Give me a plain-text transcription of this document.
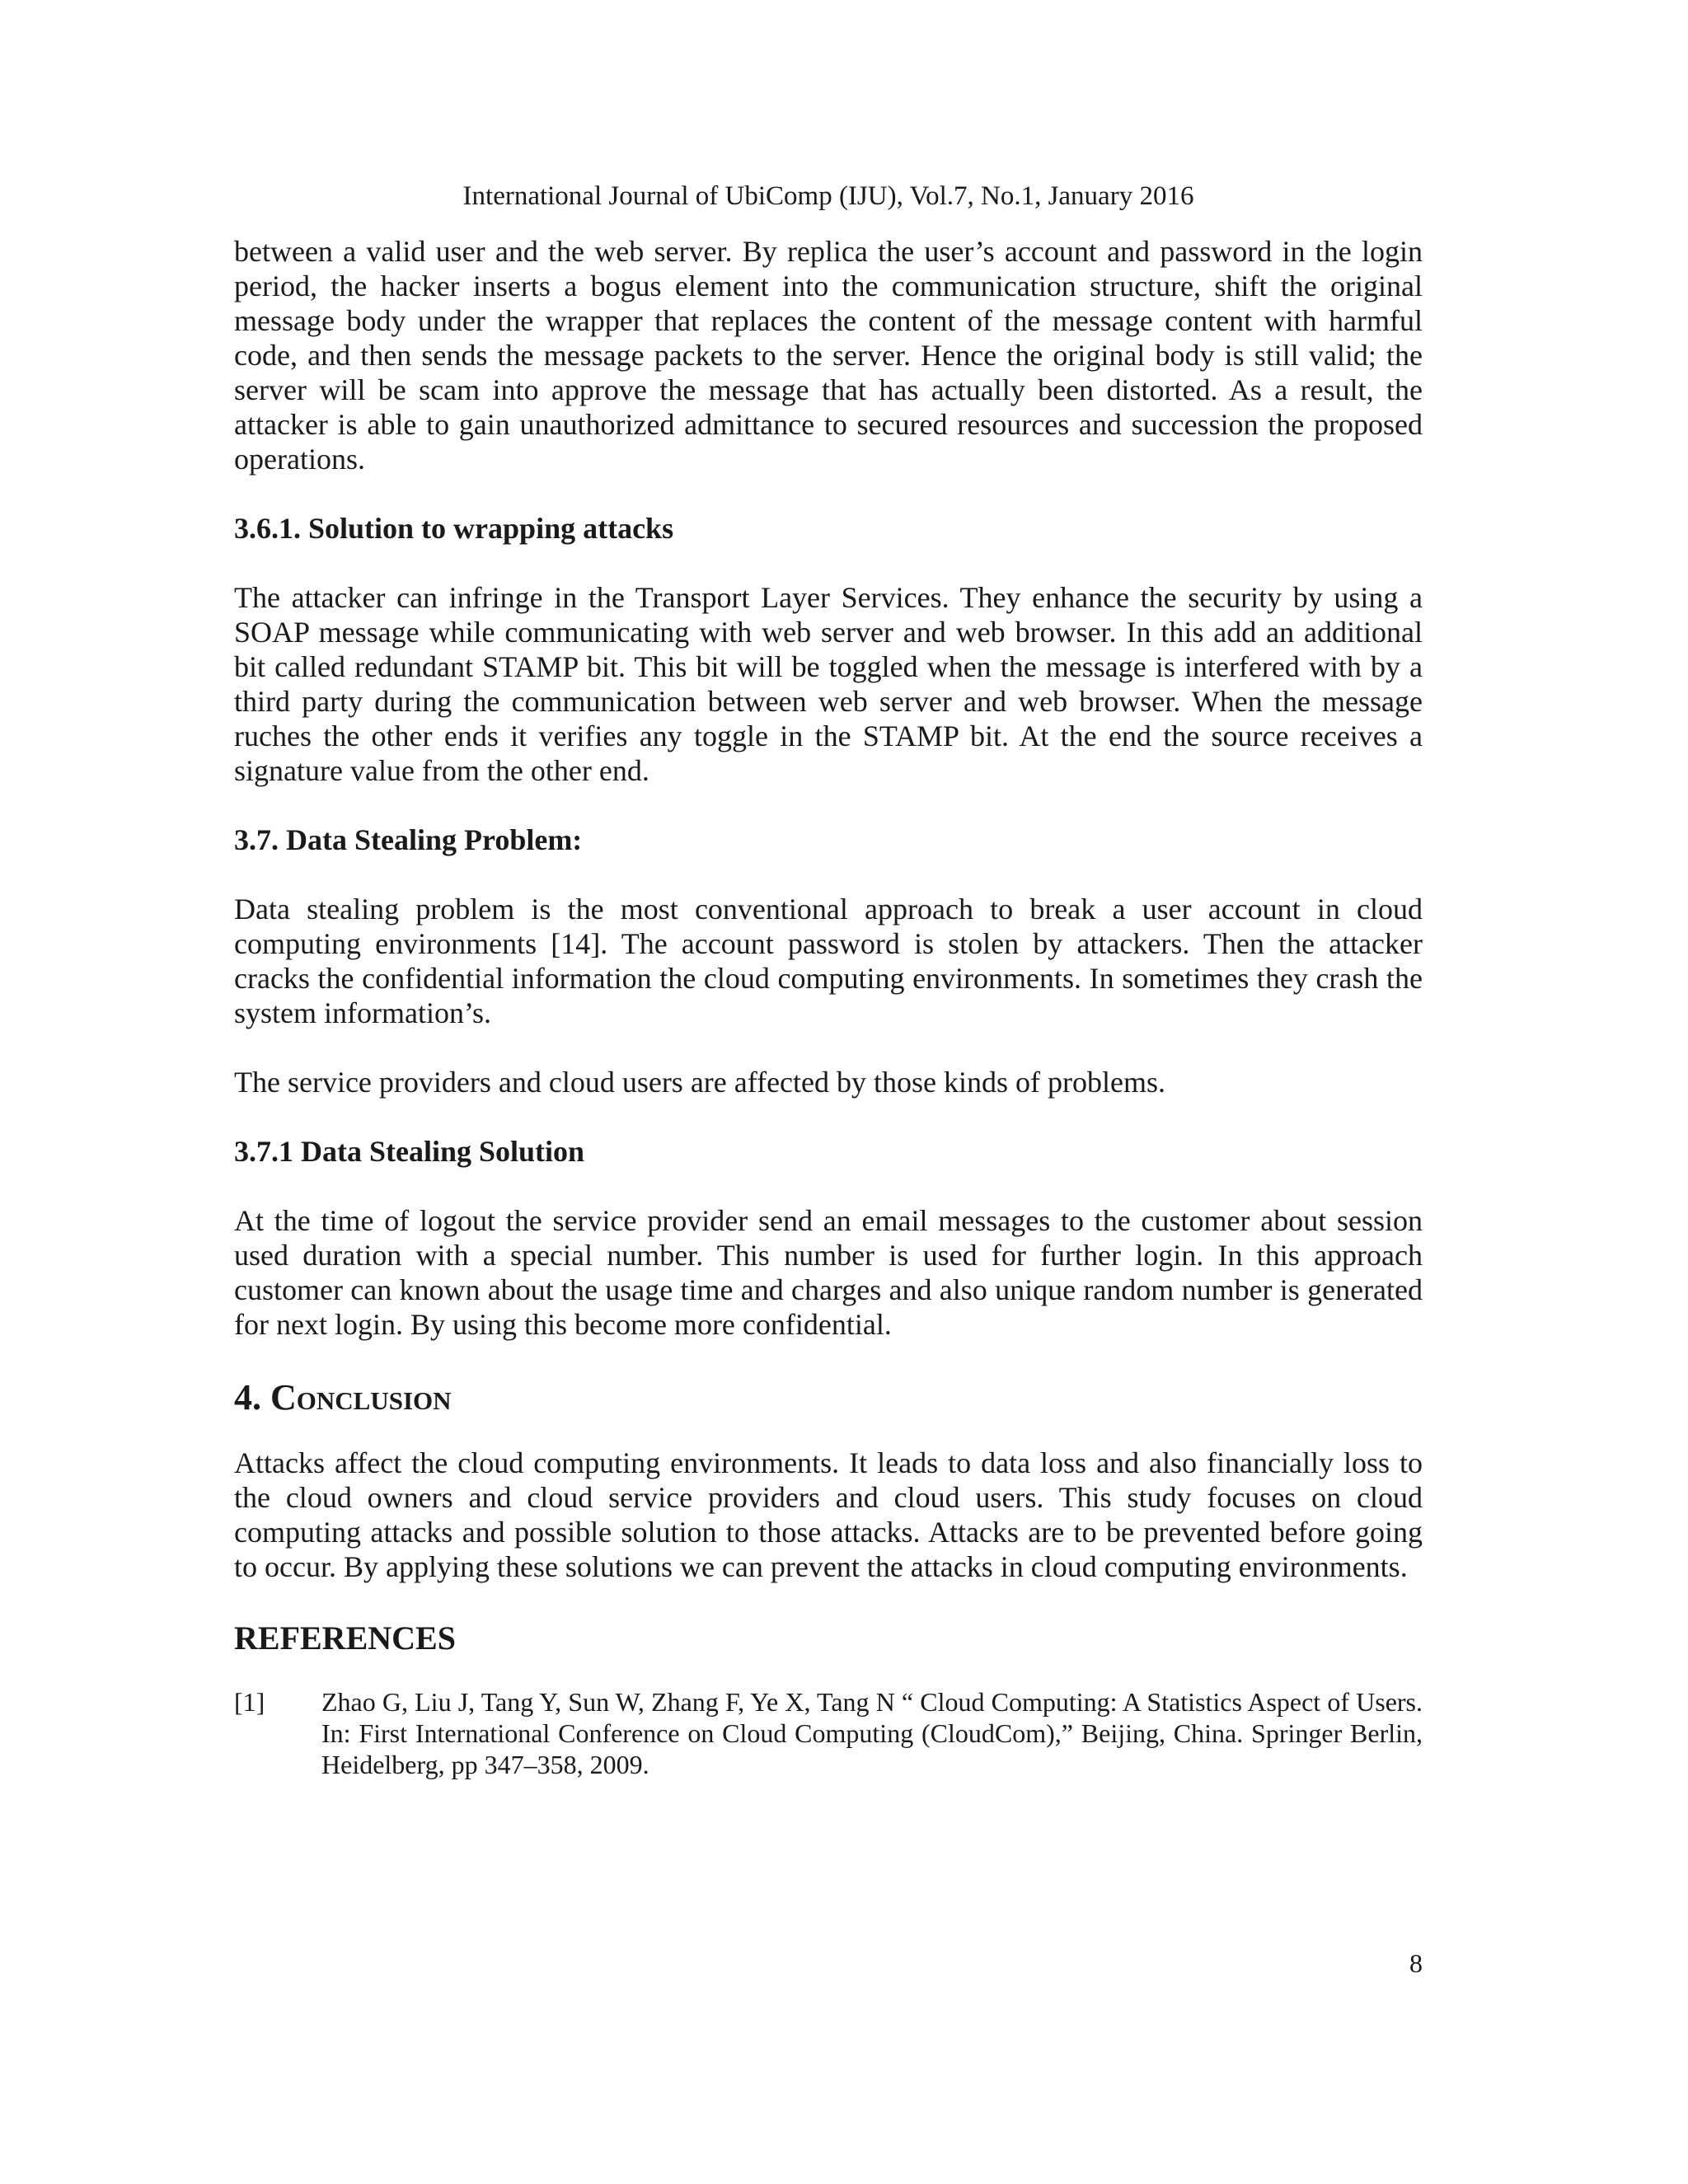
International Journal of UbiComp (IJU), Vol.7, No.1, January 2016

between a valid user and the web server. By replica the user’s account and password in the login period, the hacker inserts a bogus element into the communication structure, shift the original message body under the wrapper that replaces the content of the message content with harmful code, and then sends the message packets to the server. Hence the original body is still valid; the server will be scam into approve the message that has actually been distorted. As a result, the attacker is able to gain unauthorized admittance to secured resources and succession the proposed operations.

3.6.1. Solution to wrapping attacks

The attacker can infringe in the Transport Layer Services. They enhance the security by using a SOAP message while communicating with web server and web browser. In this add an additional bit called redundant STAMP bit. This bit will be toggled when the message is interfered with by a third party during the communication between web server and web browser. When the message ruches the other ends it verifies any toggle in the STAMP bit. At the end the source receives a signature value from the other end.

3.7. Data Stealing Problem:

Data stealing problem is the most conventional approach to break a user account in cloud computing environments [14]. The account password is stolen by attackers. Then the attacker cracks the confidential information the cloud computing environments. In sometimes they crash the system information’s.

The service providers and cloud users are affected by those kinds of problems.

3.7.1 Data Stealing Solution

At the time of logout the service provider send an email messages to the customer about session used duration with a special number. This number is used for further login. In this approach customer can known about the usage time and charges and also unique random number is generated for next login. By using this become more confidential.

4. Conclusion

Attacks affect the cloud computing environments. It leads to data loss and also financially loss to the cloud owners and cloud service providers and cloud users. This study focuses on cloud computing attacks and possible solution to those attacks. Attacks are to be prevented before going to occur. By applying these solutions we can prevent the attacks in cloud computing environments.

REFERENCES
[1]	Zhao G, Liu J, Tang Y, Sun W, Zhang F, Ye X, Tang N “ Cloud Computing: A Statistics Aspect of Users. In: First International Conference on Cloud Computing (CloudCom),” Beijing, China. Springer Berlin, Heidelberg, pp 347–358, 2009.
8
